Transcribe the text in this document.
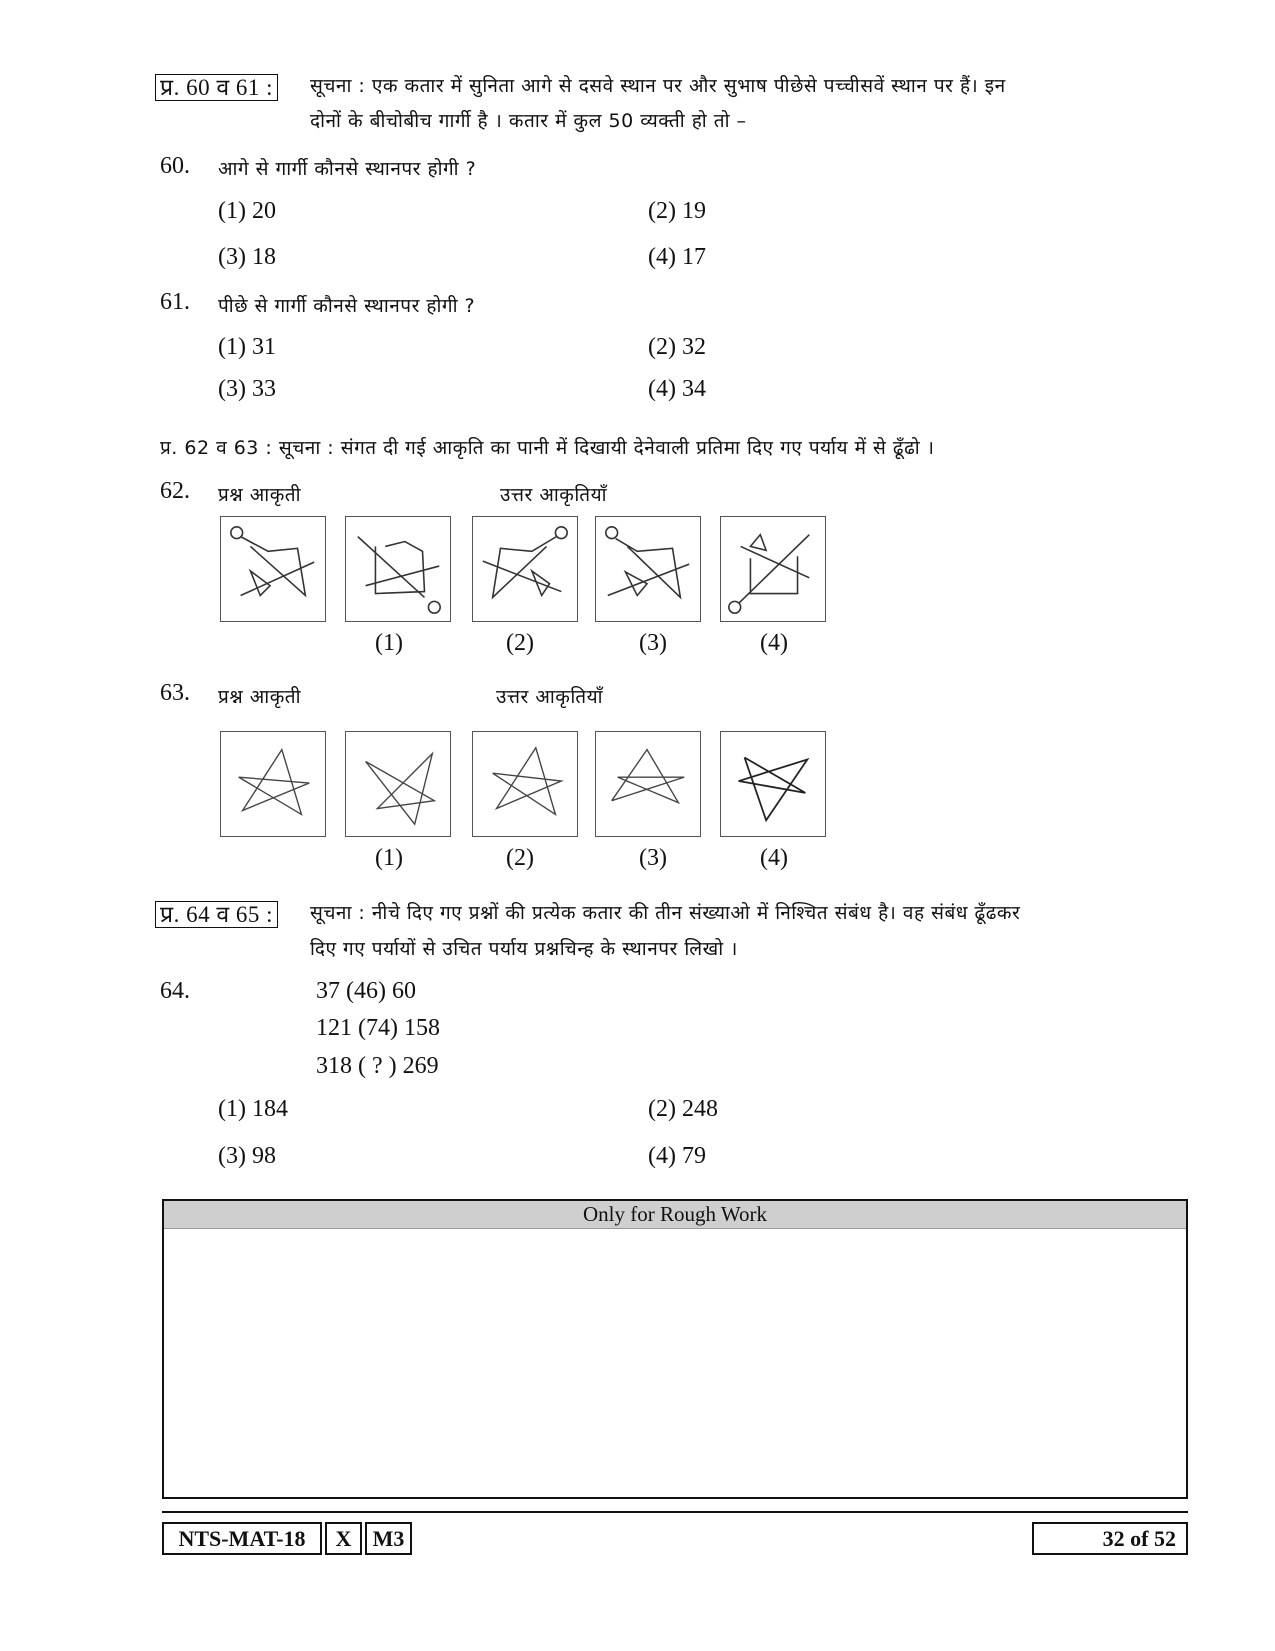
प्र. 60 व 61 : सूचना : एक कतार में सुनिता आगे से दसवे स्थान पर और सुभाष पीछेसे पच्चीसवें स्थान पर हैं। इन
दोनों के बीचोबीच गार्गी है । कतार में कुल 50 व्यक्ती हो तो –
60. आगे से गार्गी कौनसे स्थानपर होगी ?
(1) 20	(2) 19
(3) 18	(4) 17
61. पीछे से गार्गी कौनसे स्थानपर होगी ?
(1) 31	(2) 32
(3) 33	(4) 34
प्र. 62 व 63 : सूचना : संगत दी गई आकृति का पानी में दिखायी देनेवाली प्रतिमा दिए गए पर्याय में से ढूँढो ।
62. प्रश्न आकृती	उत्तर आकृतियाँ
(1)	(2)	(3)	(4)
63. प्रश्न आकृती	उत्तर आकृतियाँ
(1)	(2)	(3)	(4)
प्र. 64 व 65 : सूचना : नीचे दिए गए प्रश्नों की प्रत्येक कतार की तीन संख्याओ में निश्चित संबंध है। वह संबंध ढूँढकर
दिए गए पर्यायों से उचित पर्याय प्रश्नचिन्ह के स्थानपर लिखो ।
64.	37 (46) 60
121 (74) 158
318 ( ? ) 269
(1) 184	(2) 248
(3) 98	(4) 79
Only for Rough Work
NTS-MAT-18	X M3	32 of 52
